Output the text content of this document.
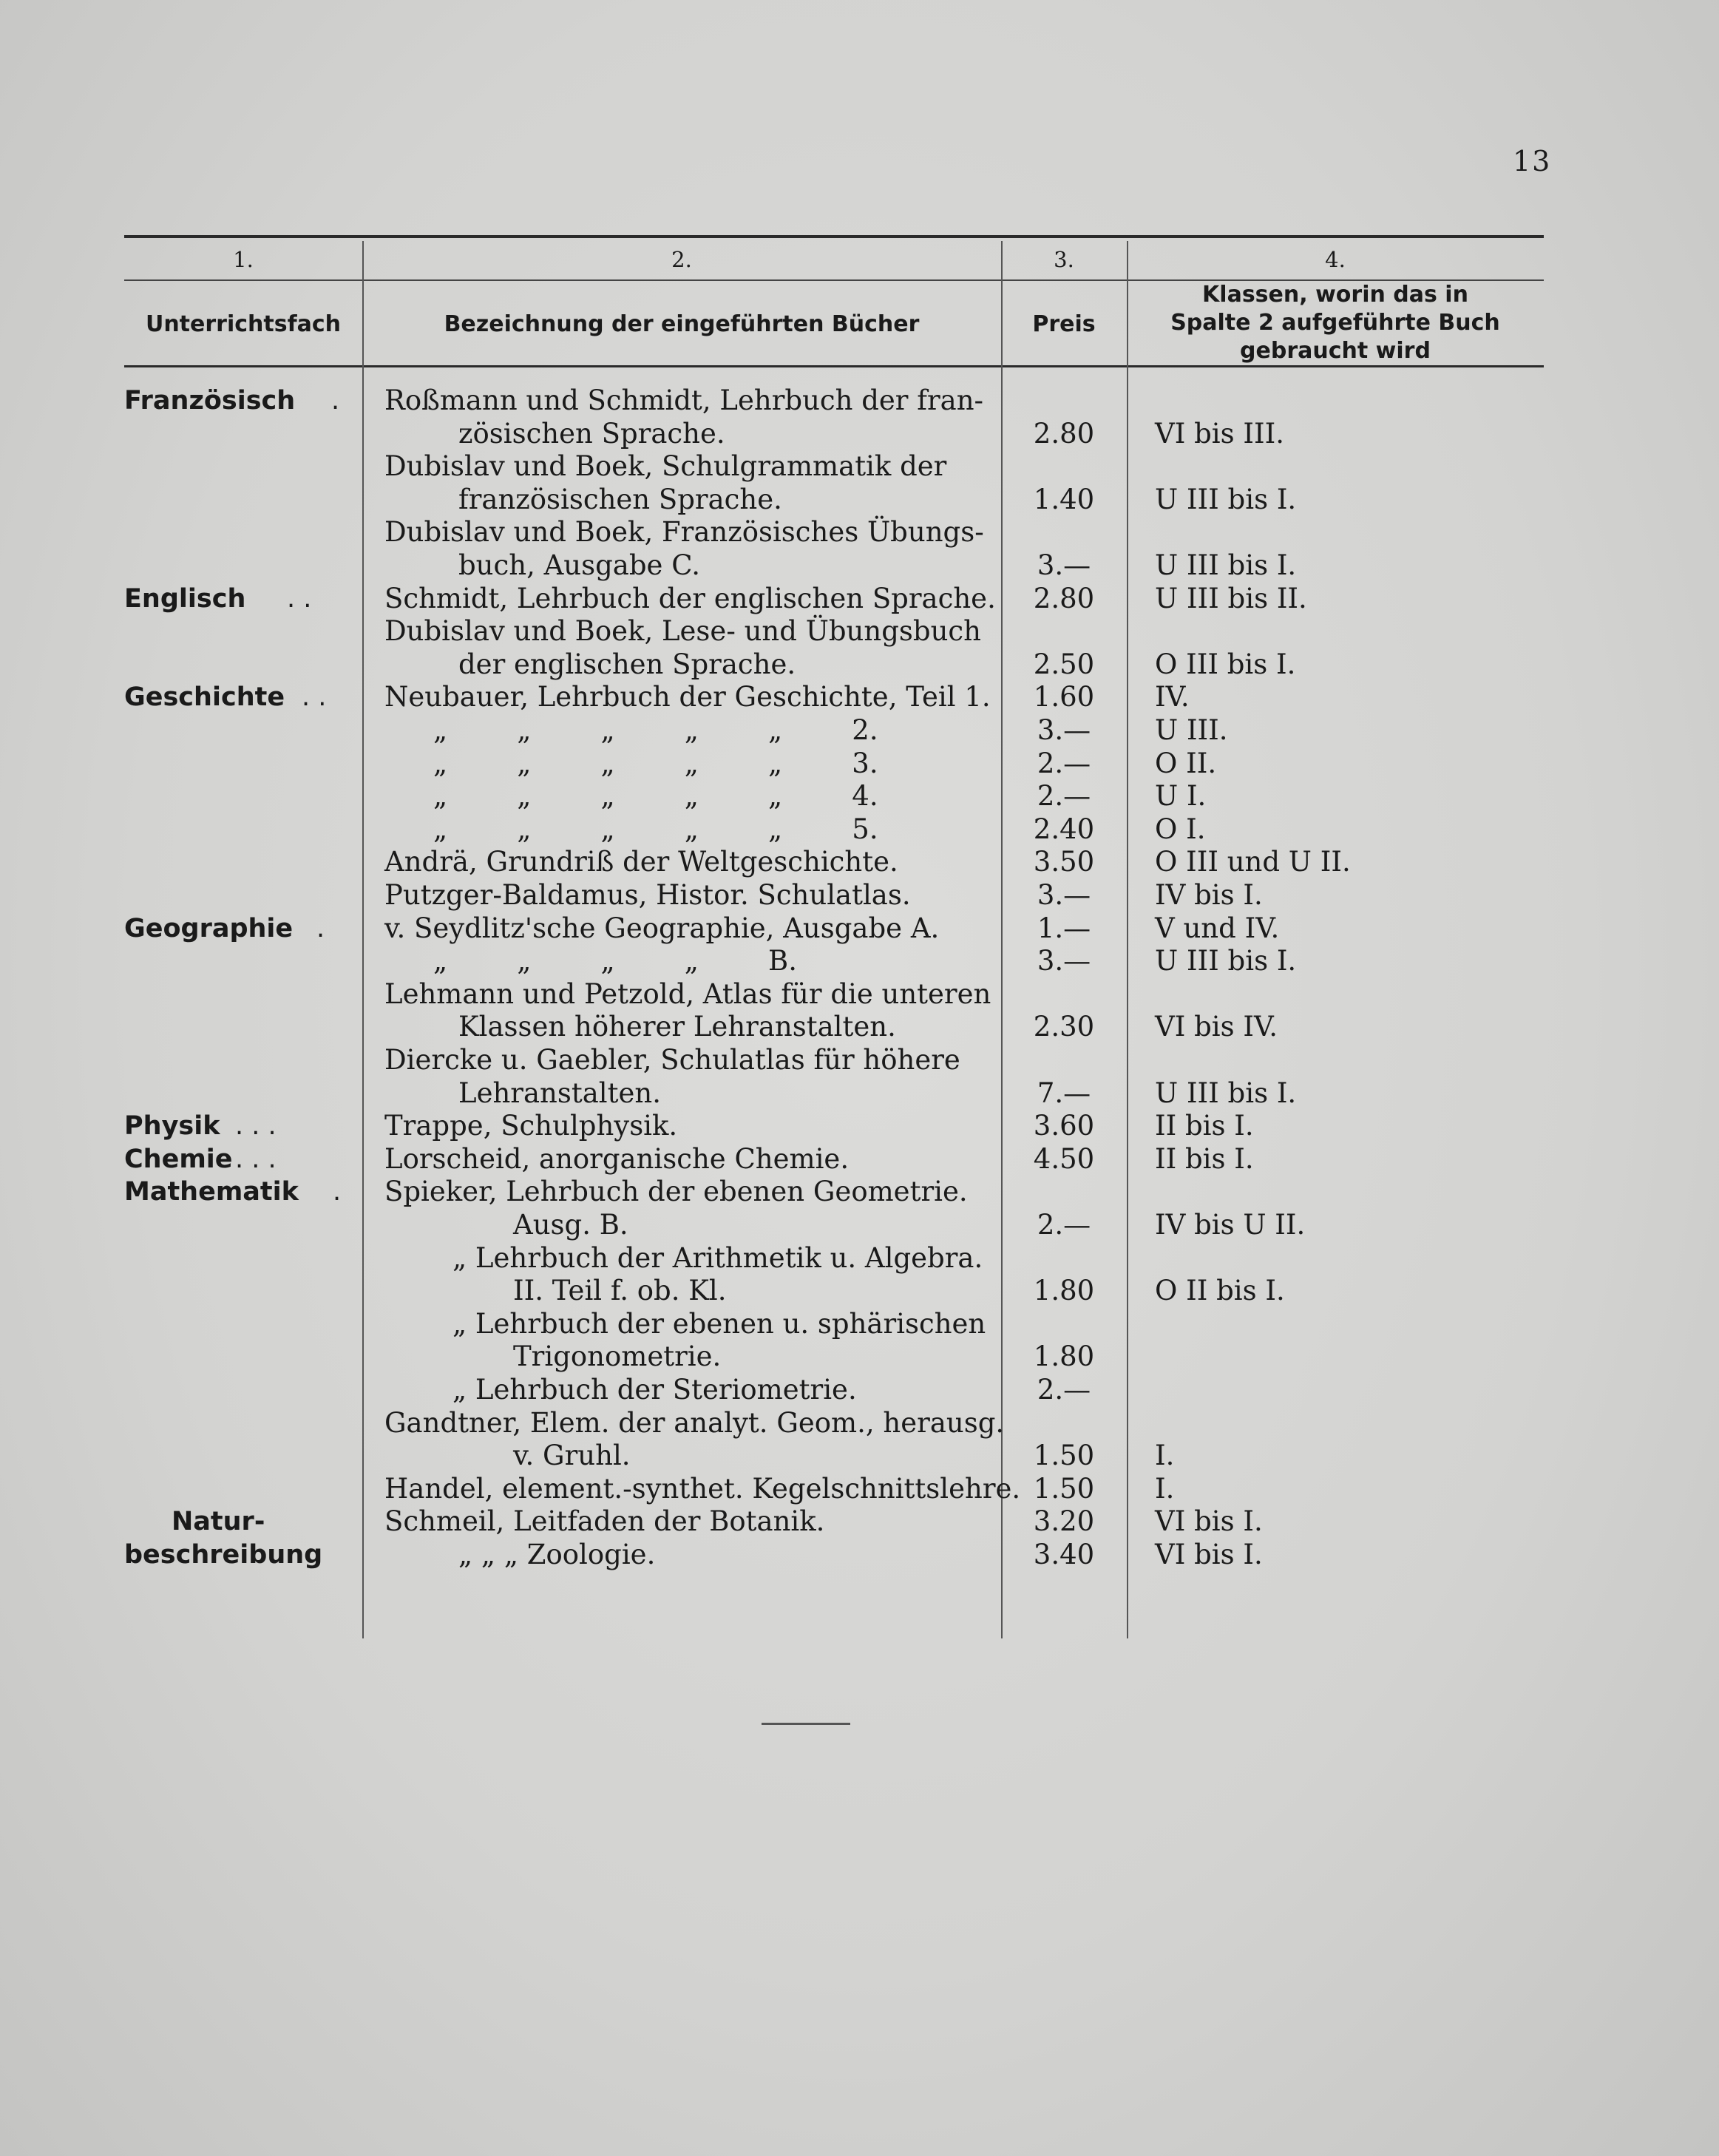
13
1.	2.	3.	4.
Unterrichtsfach	Bezeichnung der eingeführten Bücher	Preis
Klassen, worin das in
Spalte 2 aufgeführte Buch
gebraucht wird
Französisch . Roßmann und Schmidt, Lehrbuch der fran-
zösischen Sprache.	2.80	VI bis III.
Dubislav und Boek, Schulgrammatik der
französischen Sprache.	1.40	U III bis I.
Dubislav und Boek, Französisches Übungs-
buch, Ausgabe C.	3.—	U III bis I.
Englisch . .	Schmidt, Lehrbuch der englischen Sprache.	2.80	U III bis II.
Dubislav und Boek, Lese- und Übungsbuch
der englischen Sprache.	2.50	O III bis I.
Geschichte . . Neubauer, Lehrbuch der Geschichte, Teil 1.	1.60	IV.
„        „        „        „        „        2.	3.—	U III.
„        „        „        „        „        3.	2.—	O II.
„        „        „        „        „        4.	2.—	U I.
„        „        „        „        „        5.	2.40	O I.
Andrä, Grundriß der Weltgeschichte.	3.50	O III und U II.
Putzger-Baldamus, Histor. Schulatlas.	3.—	IV bis I.
Geographie . v. Seydlitz'sche Geographie, Ausgabe A.	1.—	V und IV.
„        „        „        „        B.	3.—	U III bis I.
Lehmann und Petzold, Atlas für die unteren
Klassen höherer Lehranstalten.	2.30	VI bis IV.
Diercke u. Gaebler, Schulatlas für höhere
Lehranstalten.	7.—	U III bis I.
Physik . . .	Trappe, Schulphysik.	3.60	II bis I.
Chemie . . .	Lorscheid, anorganische Chemie.	4.50	II bis I.
Mathematik . Spieker, Lehrbuch der ebenen Geometrie.
Ausg. B.	2.—	IV bis U II.
„ Lehrbuch der Arithmetik u. Algebra.
II. Teil f. ob. Kl.	1.80	O II bis I.
„ Lehrbuch der ebenen u. sphärischen
Trigonometrie.	1.80
„ Lehrbuch der Steriometrie.	2.—
Gandtner, Elem. der analyt. Geom., herausg.
v. Gruhl.	1.50	I.
Handel, element.-synthet. Kegelschnittslehre. 1.50	I.
Natur-	Schmeil, Leitfaden der Botanik.	3.20	VI bis I.
beschreibung	„ „ „ Zoologie.	3.40	VI bis I.
